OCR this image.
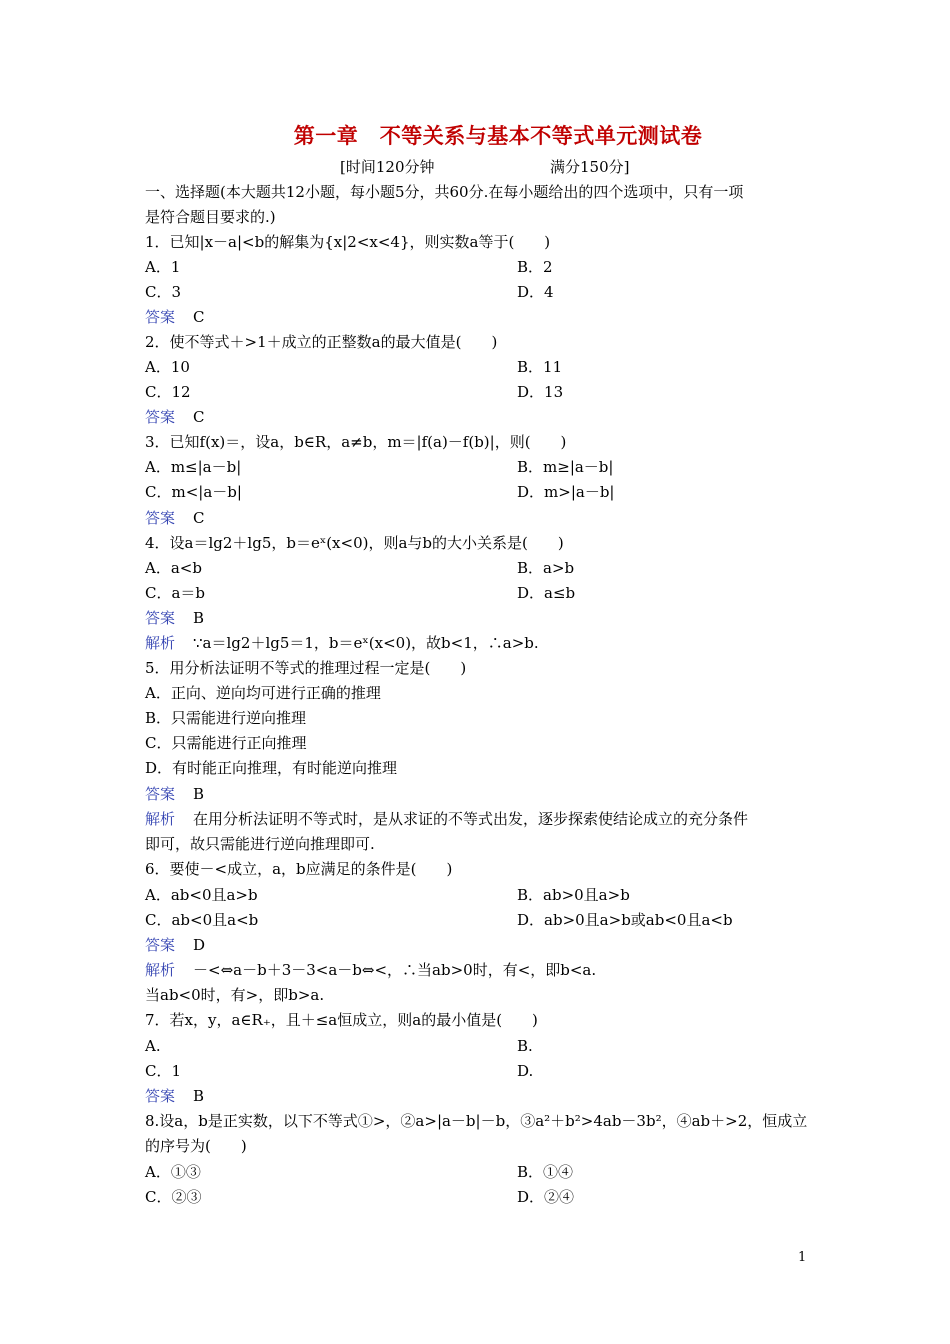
第一章　不等关系与基本不等式单元测试卷
[时间120分钟	满分150分]
一、选择题(本大题共12小题，每小题5分，共60分.在每小题给出的四个选项中，只有一项
是符合题目要求的.)
1．已知|x－a|<b的解集为{x|2<x<4}，则实数a等于(　　)
A．1	B．2
C．3	D．4
答案 C
2．使不等式＋>1＋成立的正整数a的最大值是(　　)
A．10	B．11
C．12	D．13
答案 C
3．已知f(x)＝，设a，b∈R，a≠b，m＝|f(a)－f(b)|，则(　　)
A．m≤|a－b|	B．m≥|a－b|
C．m<|a－b|	D．m>|a－b|
答案 C
4．设a＝lg2＋lg5，b＝eˣ(x<0)，则a与b的大小关系是(　　)
A．a<b	B．a>b
C．a＝b	D．a≤b
答案 B
解析 ∵a＝lg2＋lg5＝1，b＝eˣ(x<0)，故b<1，∴a>b.
5．用分析法证明不等式的推理过程一定是(　　)
A．正向、逆向均可进行正确的推理
B．只需能进行逆向推理
C．只需能进行正向推理
D．有时能正向推理，有时能逆向推理
答案 B
解析 在用分析法证明不等式时，是从求证的不等式出发，逐步探索使结论成立的充分条件
即可，故只需能进行逆向推理即可.
6．要使－<成立，a，b应满足的条件是(　　)
A．ab<0且a>b	B．ab>0且a>b
C．ab<0且a<b	D．ab>0且a>b或ab<0且a<b
答案 D
解析 －<⇔a－b＋3－3<a－b⇔<，∴当ab>0时，有<，即b<a.
当ab<0时，有>，即b>a.
7．若x，y，a∈R₊，且＋≤a恒成立，则a的最小值是(　　)
A.	B.
C．1	D.
答案 B
8.设a，b是正实数，以下不等式①>，②a>|a－b|－b，③a²＋b²>4ab－3b²，④ab＋>2，恒成立
的序号为(　　)
A．①③	B．①④
C．②③	D．②④
1
